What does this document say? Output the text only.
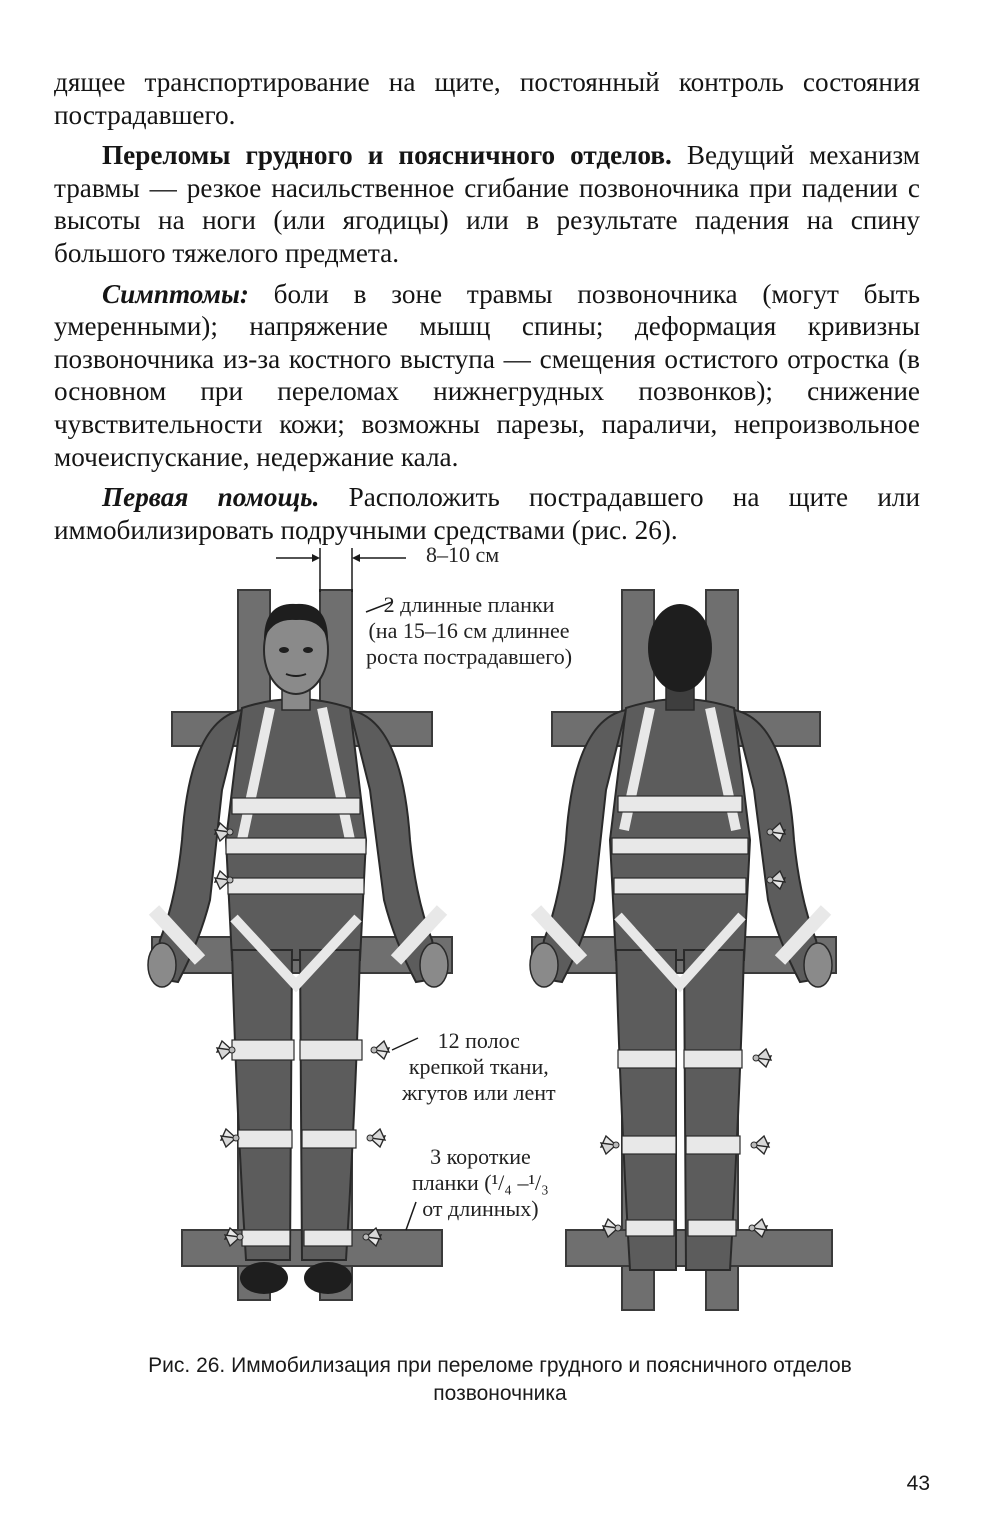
дящее транспортирование на щите, постоянный контроль состояния пострадавшего.

Переломы грудного и поясничного отделов. Ведущий механизм травмы — резкое насильственное сгибание позвоночника при падении с высоты на ноги (или ягодицы) или в результате падения на спину большого тяжелого предмета.

Симптомы: боли в зоне травмы позвоночника (могут быть умеренными); напряжение мышц спины; деформация кривизны позвоночника из-за костного выступа — смещения остистого отростка (в основном при переломах нижнегрудных позвонков); снижение чувствительности кожи; возможны парезы, параличи, непроизвольное мочеиспускание, недержание кала.

Первая помощь. Расположить пострадавшего на щите или иммобилизировать подручными средствами (рис. 26).

8–10 см
2 длинные планки
(на 15–16 см длиннее
роста пострадавшего)
12 полос
крепкой ткани,
жгутов или лент
3 короткие
планки (¹/₄ –¹/₃
от длинных)
Рис. 26. Иммобилизация при переломе грудного и поясничного отделов
позвоночника
43
